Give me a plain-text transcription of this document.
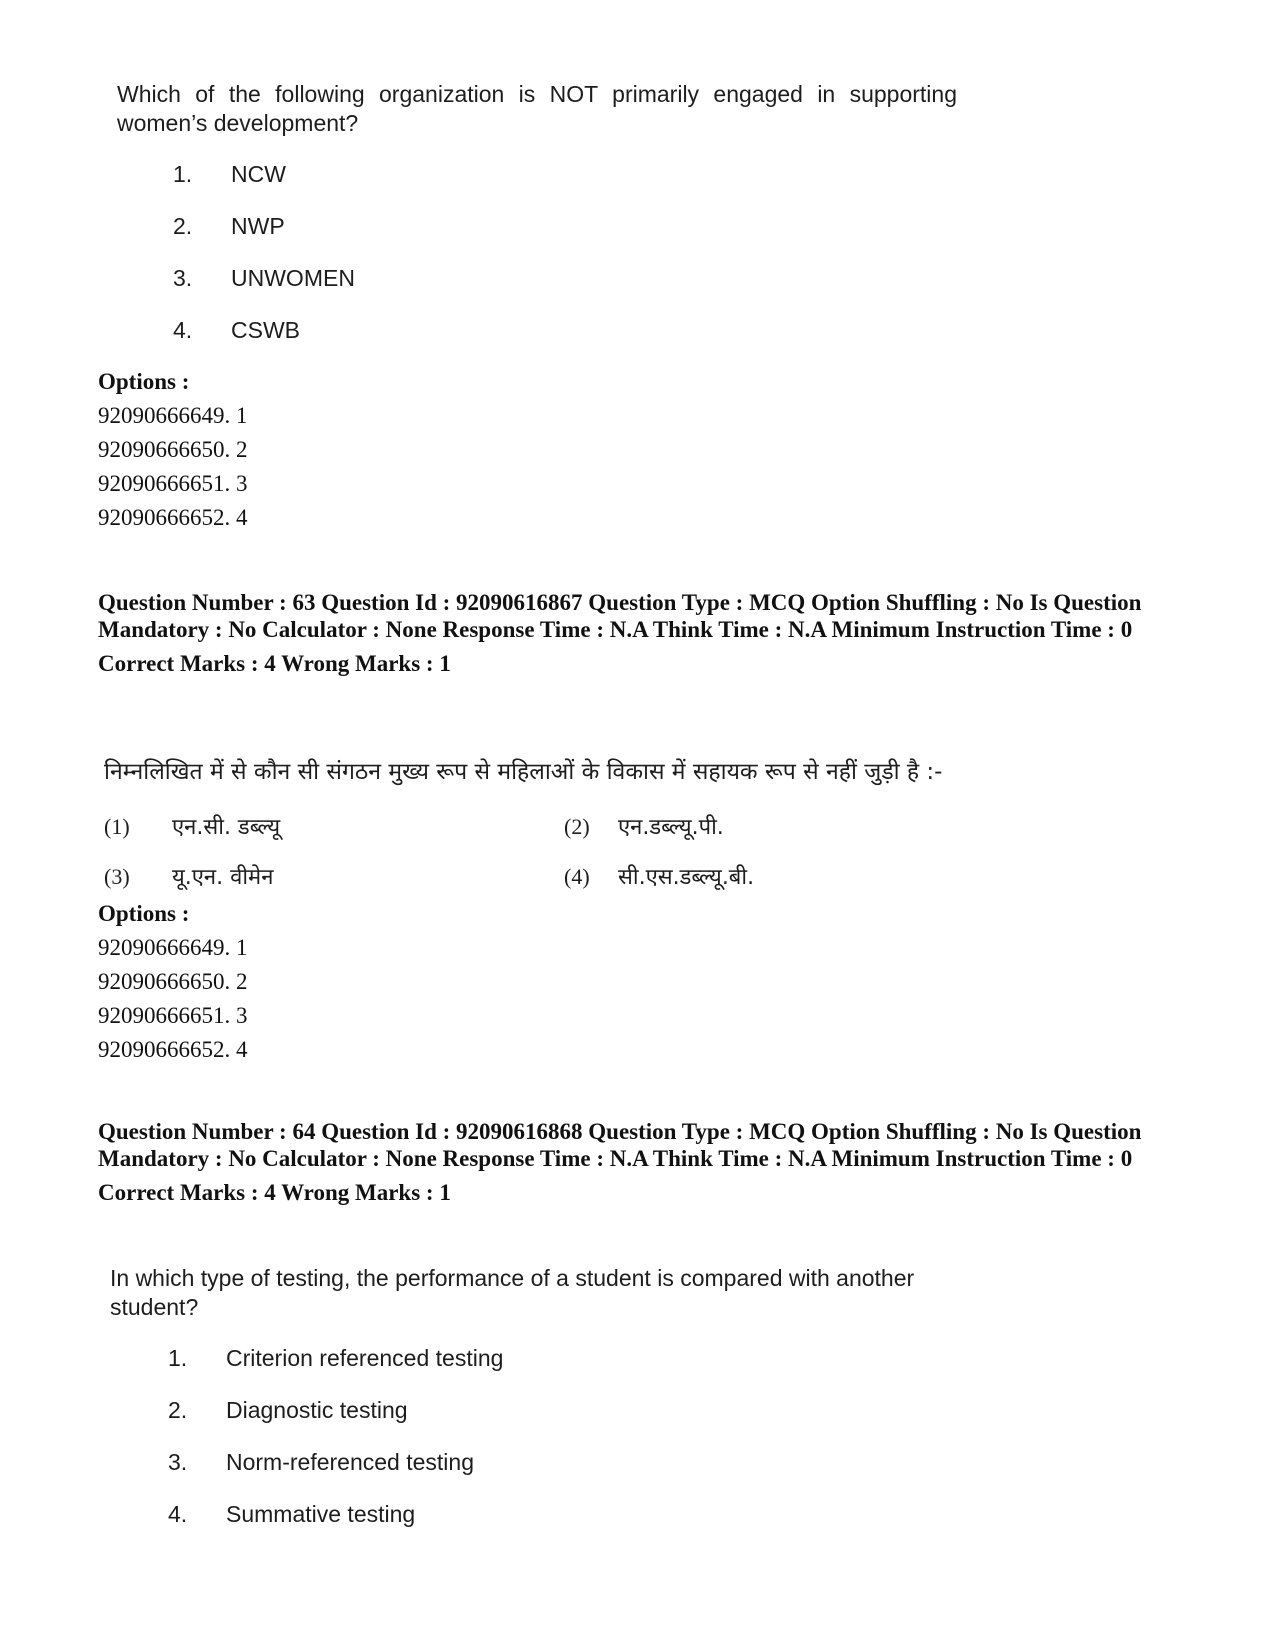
Which of the following organization is NOT primarily engaged in supporting women’s development?

1.	NCW
2.	NWP
3.	UNWOMEN
4.	CSWB

Options :

92090666649. 1

92090666650. 2

92090666651. 3

92090666652. 4

Question Number : 63 Question Id : 92090616867 Question Type : MCQ Option Shuffling : No Is Question Mandatory : No Calculator : None Response Time : N.A Think Time : N.A Minimum Instruction Time : 0

Correct Marks : 4 Wrong Marks : 1

निम्नलिखित में से कौन सी संगठन मुख्य रूप से महिलाओं के विकास में सहायक रूप से नहीं जुड़ी है :-

(1)	एन.सी. डब्ल्यू	(2)	एन.डब्ल्यू.पी.
(3)	यू.एन. वीमेन	(4)	सी.एस.डब्ल्यू.बी.

Options :

92090666649. 1

92090666650. 2

92090666651. 3

92090666652. 4

Question Number : 64 Question Id : 92090616868 Question Type : MCQ Option Shuffling : No Is Question Mandatory : No Calculator : None Response Time : N.A Think Time : N.A Minimum Instruction Time : 0

Correct Marks : 4 Wrong Marks : 1

In which type of testing, the performance of a student is compared with another student?

1.	Criterion referenced testing
2.	Diagnostic testing
3.	Norm-referenced testing
4.	Summative testing
